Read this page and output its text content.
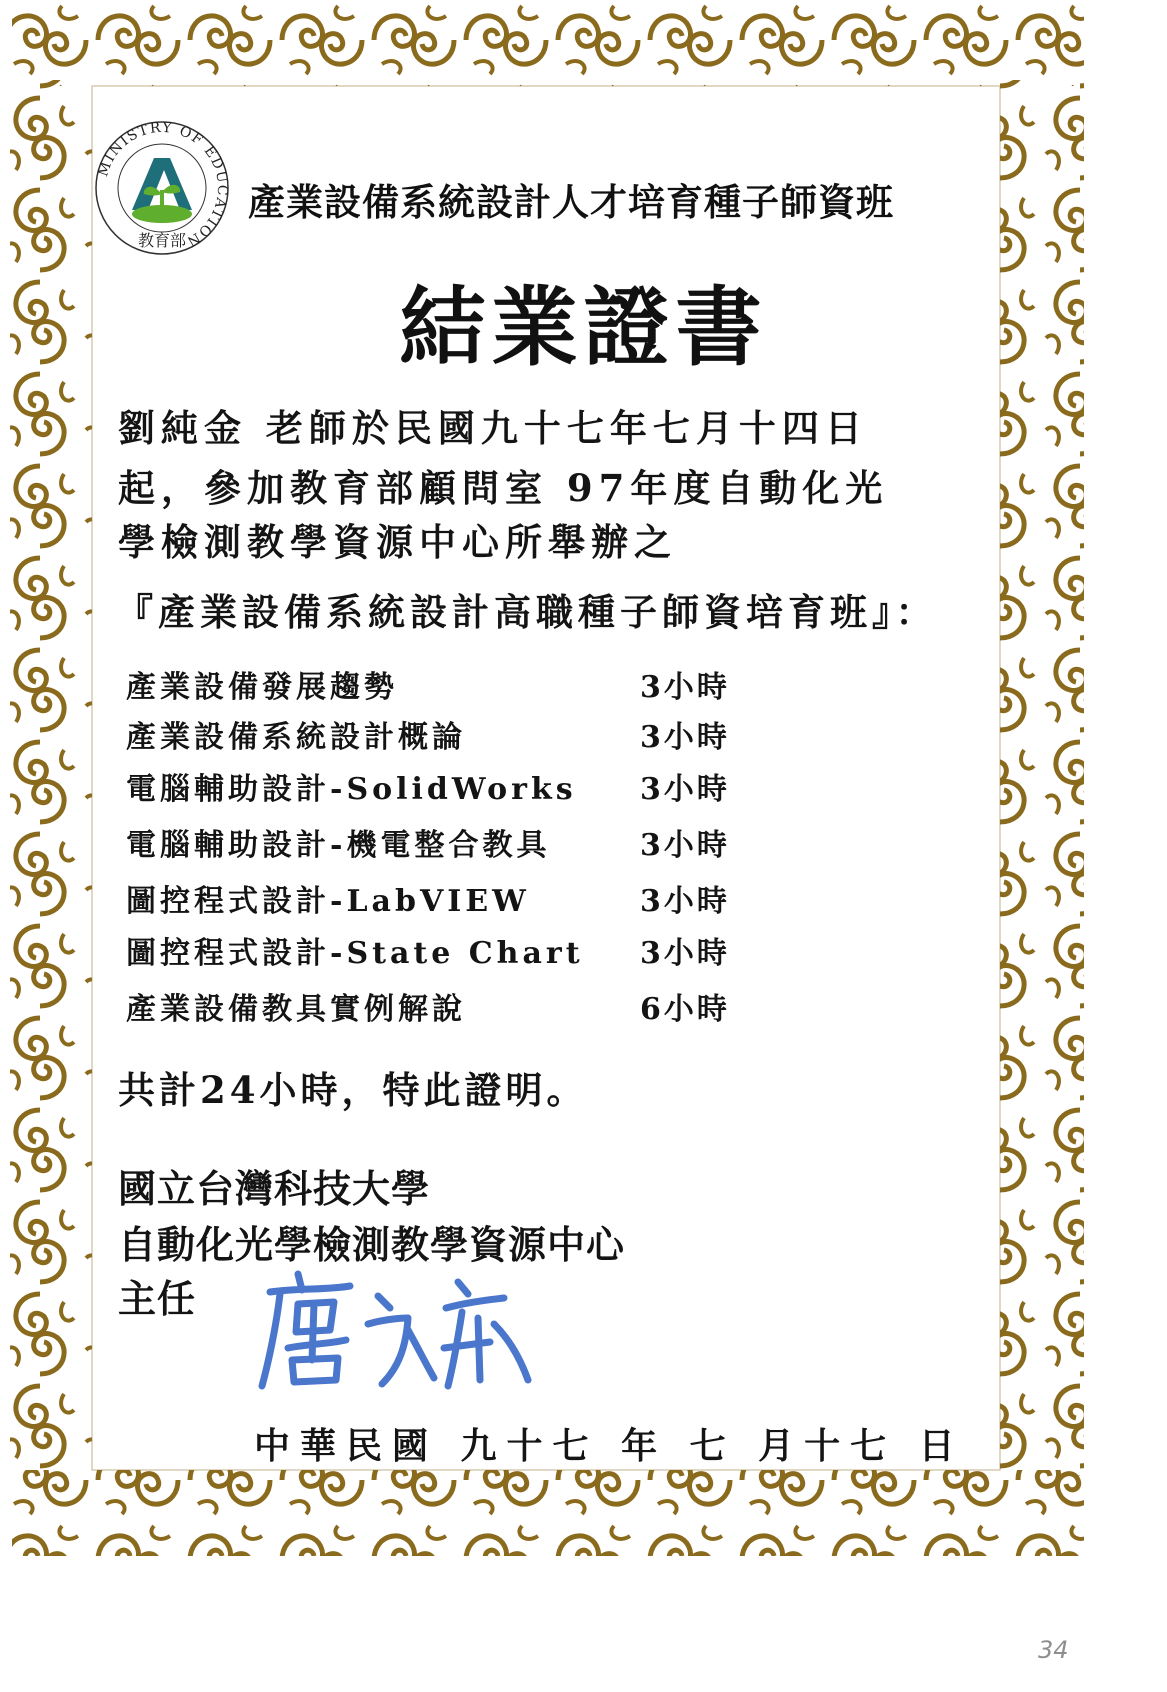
MINISTRY OF EDUCATION
教育部
產業設備系統設計人才培育種子師資班
結業證書
劉純金 老師於民國九十七年七月十四日
起，參加教育部顧問室 97年度自動化光
學檢測教學資源中心所舉辦之
『產業設備系統設計高職種子師資培育班』：
產業設備發展趨勢	3小時
產業設備系統設計概論	3小時
電腦輔助設計-SolidWorks 3小時
電腦輔助設計-機電整合教具	3小時
圖控程式設計-LabVIEW	3小時
圖控程式設計-State Chart 3小時
產業設備教具實例解說	6小時
共計24小時，特此證明。
國立台灣科技大學
自動化光學檢測教學資源中心
主任
中華民國 九十七 年 七 月十七 日
34
